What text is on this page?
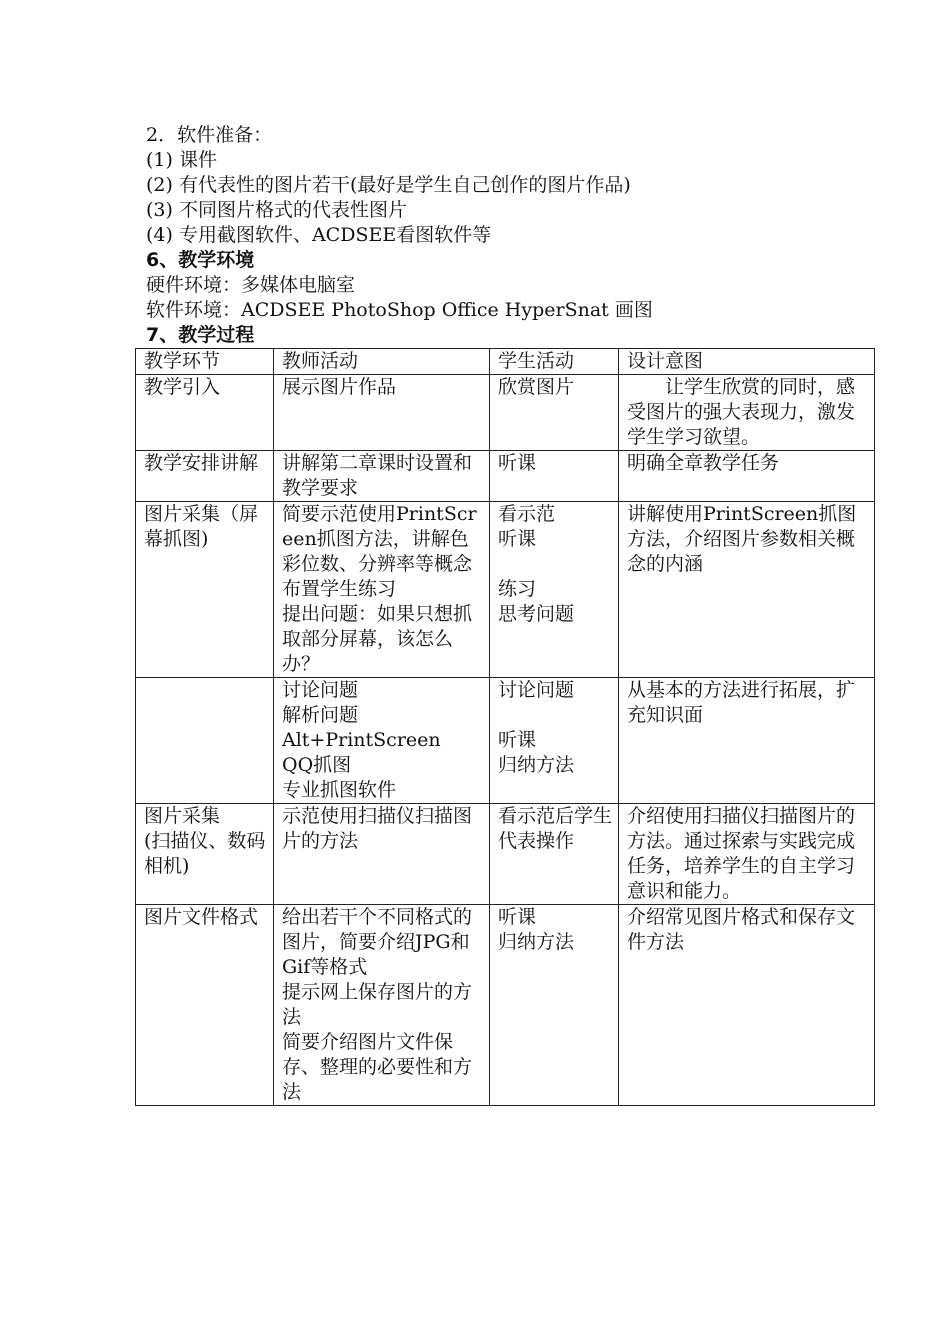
2．软件准备：
(1) 课件
(2) 有代表性的图片若干(最好是学生自己创作的图片作品)
(3) 不同图片格式的代表性图片
(4) 专用截图软件、ACDSEE看图软件等
6、教学环境
硬件环境：多媒体电脑室
软件环境：ACDSEE PhotoShop Office HyperSnat 画图
7、教学过程
教学环节	教师活动	学生活动	设计意图

教学引入	展示图片作品	欣赏图片	　　让学生欣赏的同时，感受图片的强大表现力，激发学生学习欲望。

教学安排讲解	讲解第二章课时设置和教学要求	听课	明确全章教学任务

图片采集（屏幕抓图)	简要示范使用PrintScreen抓图方法，讲解色彩位数、分辨率等概念
布置学生练习
提出问题：如果只想抓取部分屏幕，该怎么办？	看示范
听课
练习
思考问题	讲解使用PrintScreen抓图方法，介绍图片参数相关概念的内涵

	讨论问题
解析问题
Alt+PrintScreen
QQ抓图
专业抓图软件	讨论问题
听课
归纳方法	从基本的方法进行拓展，扩充知识面

图片采集
(扫描仪、数码相机)	示范使用扫描仪扫描图片的方法	看示范后学生代表操作	介绍使用扫描仪扫描图片的方法。通过探索与实践完成任务，培养学生的自主学习意识和能力。

图片文件格式	给出若干个不同格式的图片，简要介绍JPG和Gif等格式
提示网上保存图片的方法
简要介绍图片文件保存、整理的必要性和方法	听课
归纳方法	介绍常见图片格式和保存文件方法
